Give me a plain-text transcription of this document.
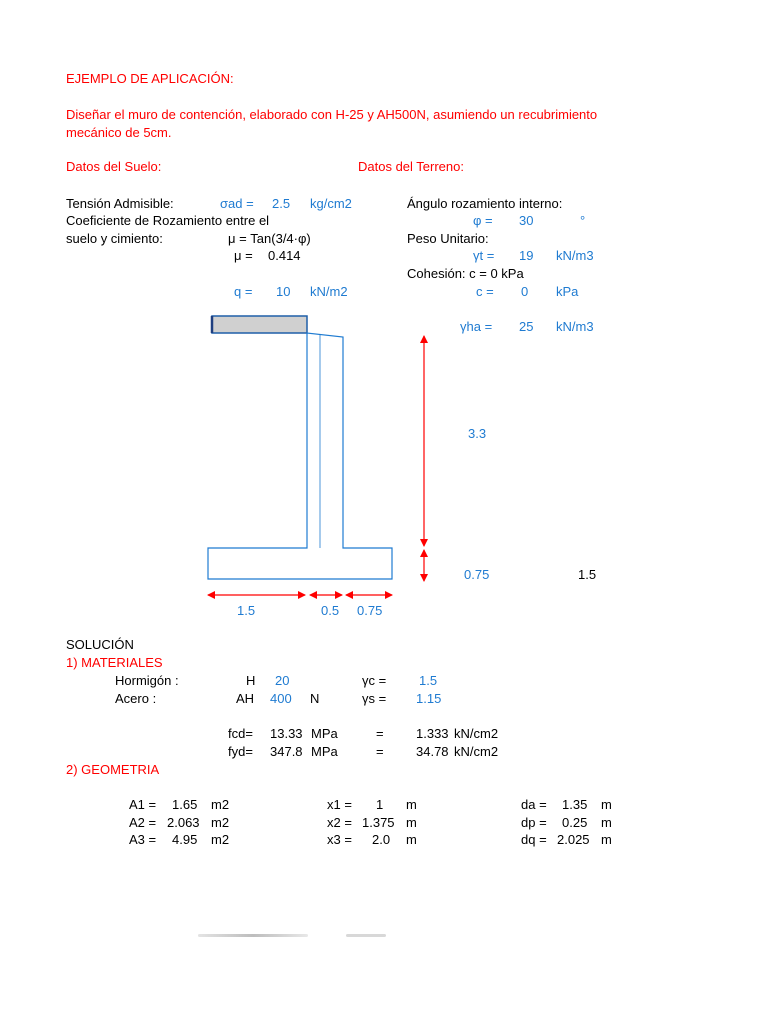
EJEMPLO DE APLICACIÓN:
Diseñar el muro de contención, elaborado con H-25 y AH500N, asumiendo un recubrimiento
mecánico de 5cm.
Datos del Suelo:
Tensión Admisible:	σad = 2.5 kg/cm2
Coeficiente de Rozamiento entre el
suelo y cimiento:	μ = Tan(3/4·φ)
μ = 0.414
q = 10 kN/m2
Datos del Terreno:
Ángulo rozamiento interno:
φ = 30	°
Peso Unitario:
γt = 19 kN/m3
Cohesión: c = 0 kPa
c = 0 kPa
γha = 25 kN/m3
3.3
0.75	1.5
1.5	0.5 0.75
SOLUCIÓN
1) MATERIALES
Hormigón :	H 20	γc =	1.5
Acero :	AH 400 N	γs = 1.15
fcd= 13.33 MPa	= 1.333 kN/cm2
fyd= 347.8 MPa	= 34.78 kN/cm2
2) GEOMETRIA
A1 = 1.65 m2	x1 = 1 m	da = 1.35 m
A2 = 2.063 m2	x2 = 1.375 m	dp = 0.25 m
A3 = 4.95 m2	x3 = 2.0 m	dq = 2.025 m
